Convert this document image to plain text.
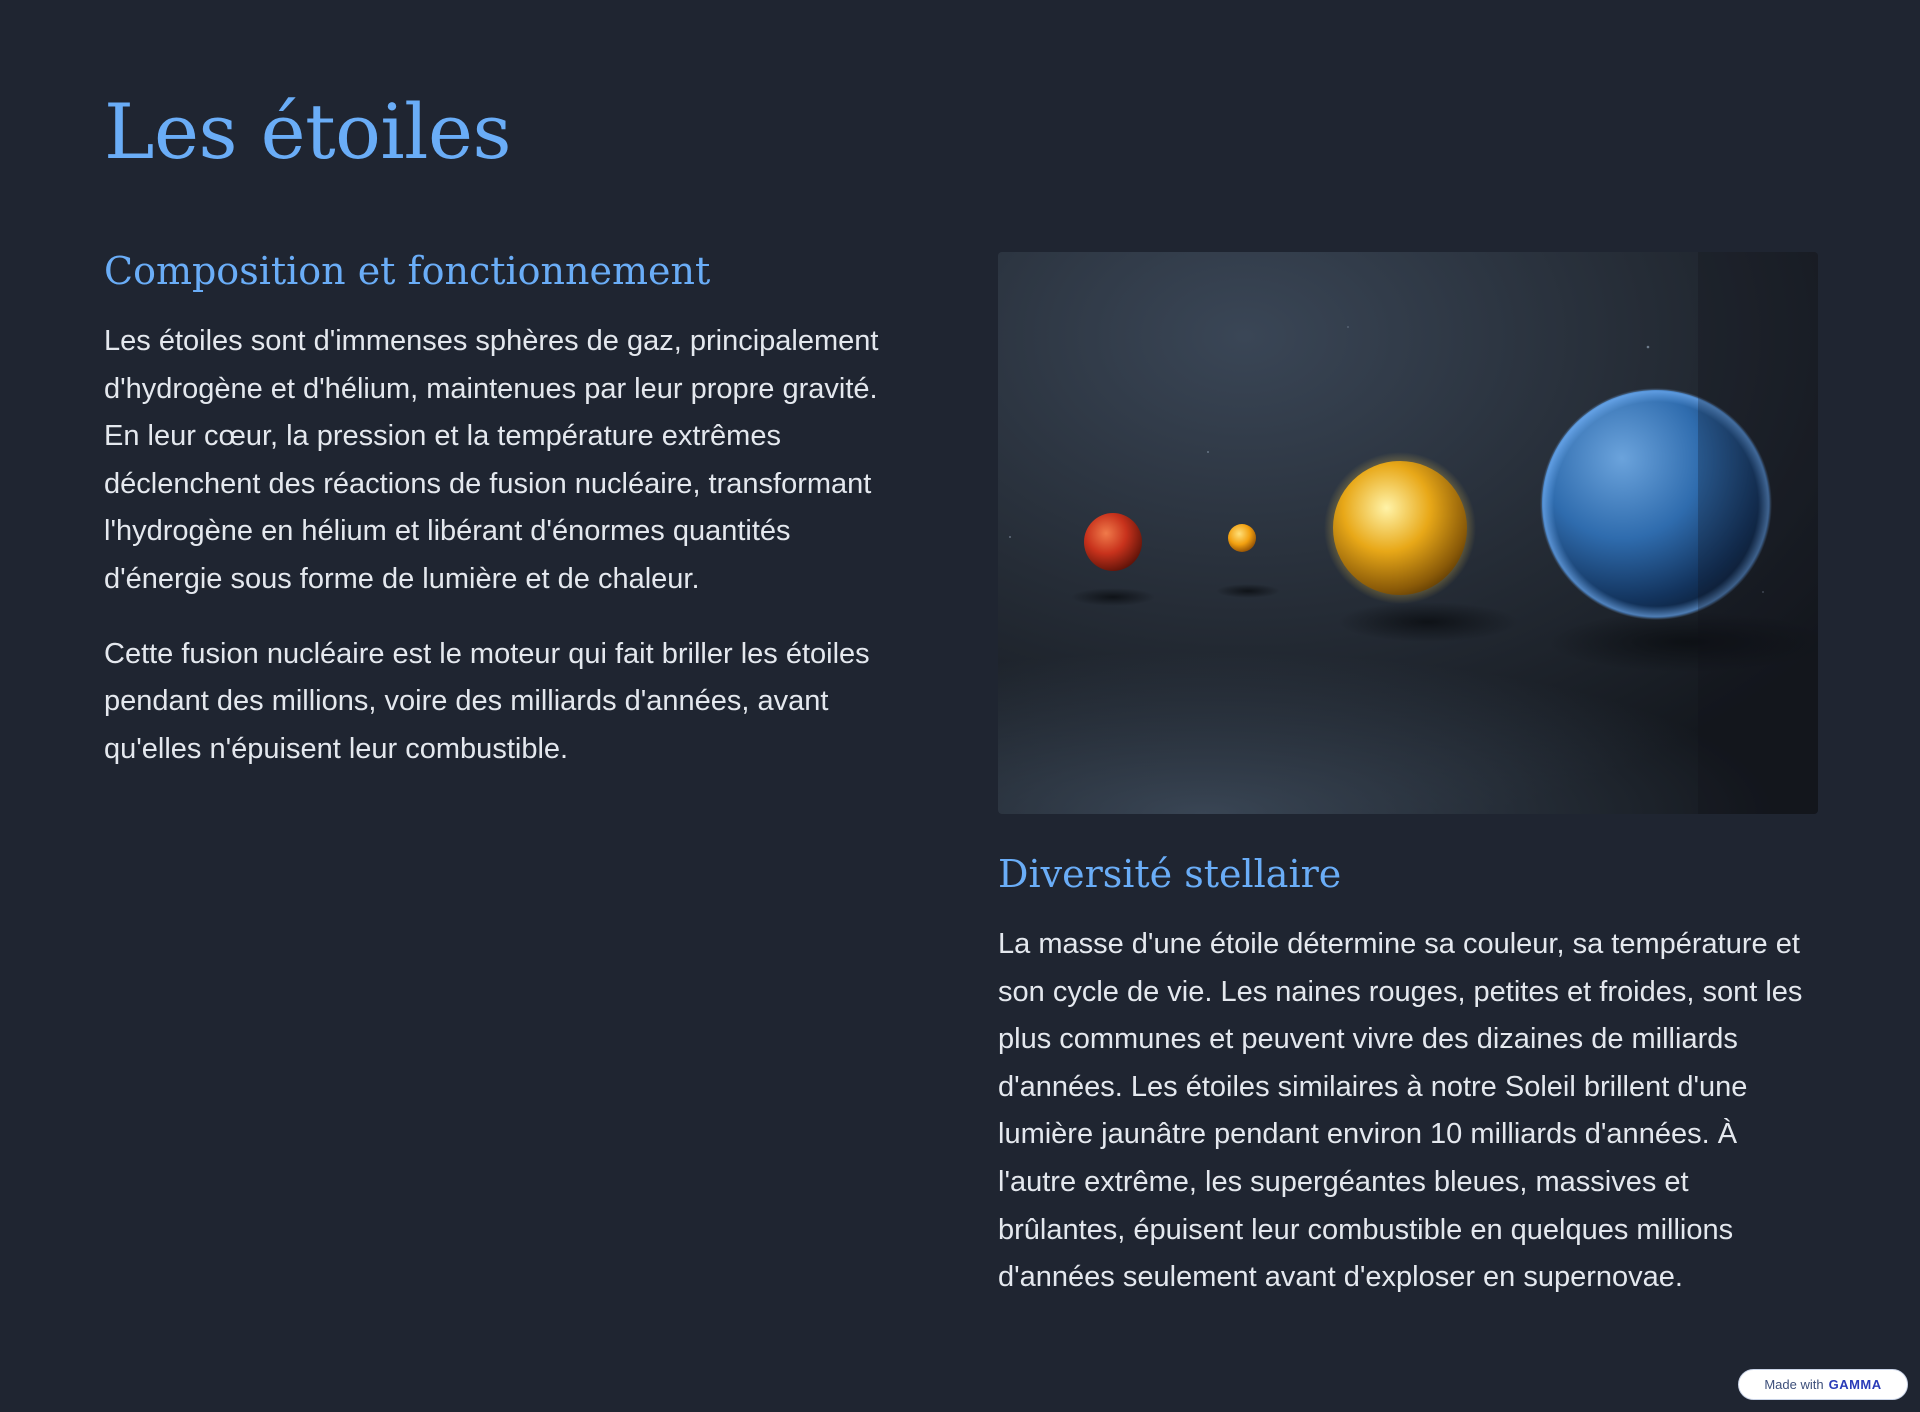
Les étoiles
Composition et fonctionnement

Les étoiles sont d'immenses sphères de gaz, principalement d'hydrogène et d'hélium, maintenues par leur propre gravité. En leur cœur, la pression et la température extrêmes déclenchent des réactions de fusion nucléaire, transformant l'hydrogène en hélium et libérant d'énormes quantités d'énergie sous forme de lumière et de chaleur.

Cette fusion nucléaire est le moteur qui fait briller les étoiles pendant des millions, voire des milliards d'années, avant qu'elles n'épuisent leur combustible.

Diversité stellaire

La masse d'une étoile détermine sa couleur, sa température et son cycle de vie. Les naines rouges, petites et froides, sont les plus communes et peuvent vivre des dizaines de milliards d'années. Les étoiles similaires à notre Soleil brillent d'une lumière jaunâtre pendant environ 10 milliards d'années. À l'autre extrême, les supergéantes bleues, massives et brûlantes, épuisent leur combustible en quelques millions d'années seulement avant d'exploser en supernovae.

Made with GAMMA
